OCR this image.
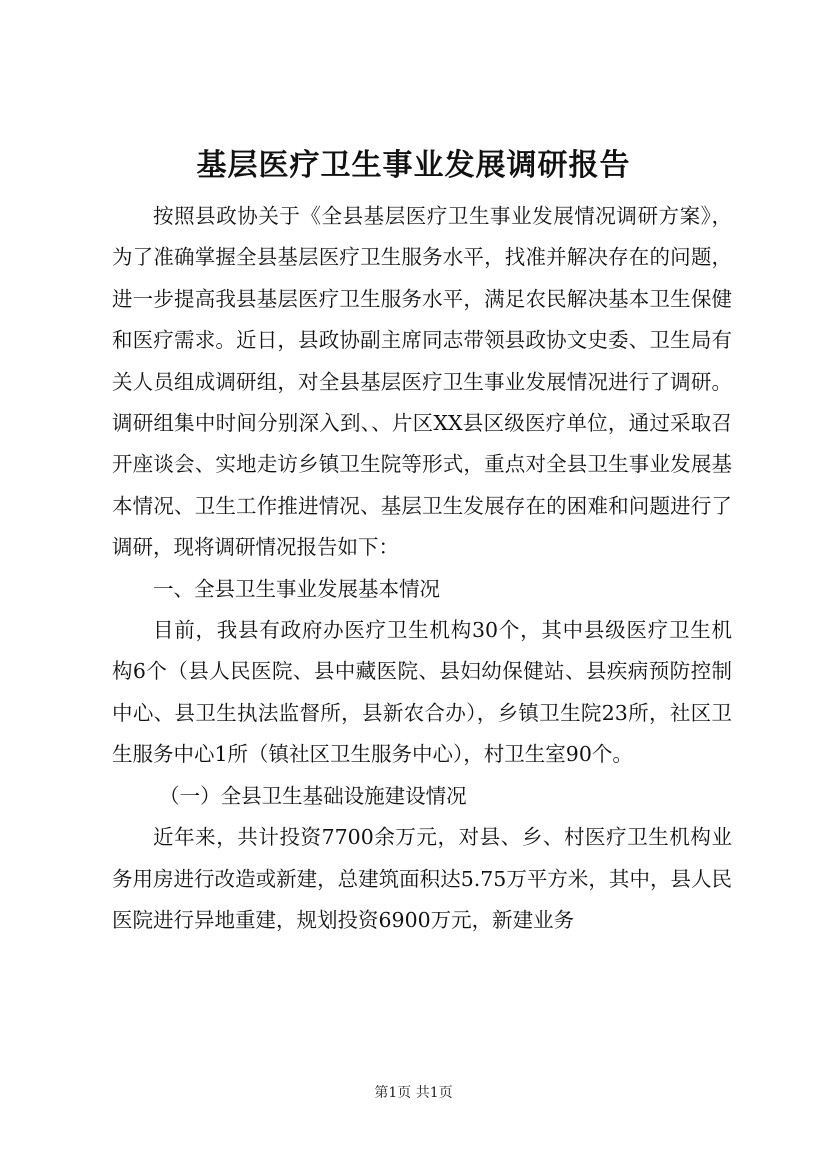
基层医疗卫生事业发展调研报告

按照县政协关于《全县基层医疗卫生事业发展情况调研方案》，为了准确掌握全县基层医疗卫生服务水平，找准并解决存在的问题，进一步提高我县基层医疗卫生服务水平，满足农民解决基本卫生保健和医疗需求。近日，县政协副主席同志带领县政协文史委、卫生局有关人员组成调研组，对全县基层医疗卫生事业发展情况进行了调研。调研组集中时间分别深入到、、片区XX县区级医疗单位，通过采取召开座谈会、实地走访乡镇卫生院等形式，重点对全县卫生事业发展基本情况、卫生工作推进情况、基层卫生发展存在的困难和问题进行了调研，现将调研情况报告如下：

一、全县卫生事业发展基本情况

目前，我县有政府办医疗卫生机构30个，其中县级医疗卫生机构6个（县人民医院、县中藏医院、县妇幼保健站、县疾病预防控制中心、县卫生执法监督所，县新农合办），乡镇卫生院23所，社区卫生服务中心1所（镇社区卫生服务中心），村卫生室90个。

（一）全县卫生基础设施建设情况

近年来，共计投资7700余万元，对县、乡、村医疗卫生机构业务用房进行改造或新建，总建筑面积达5.75万平方米，其中，县人民医院进行异地重建，规划投资6900万元，新建业务

第1页 共1页
